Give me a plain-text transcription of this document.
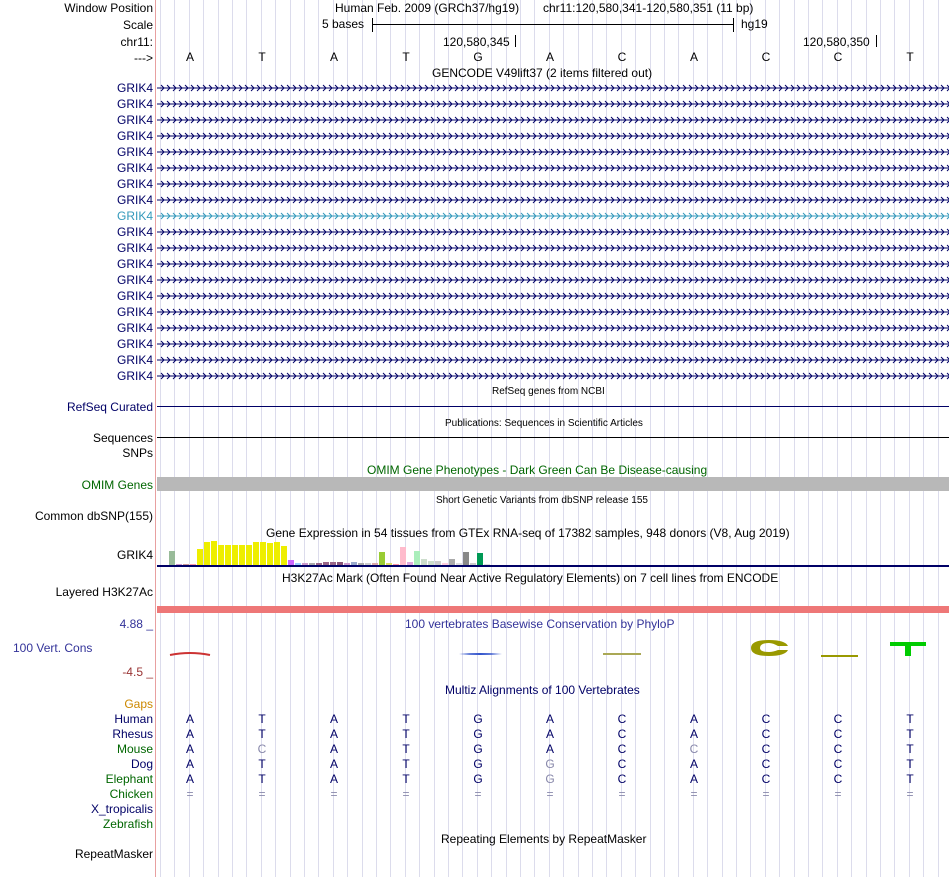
Window Position	Human Feb. 2009 (GRCh37/hg19) chr11:120,580,341-120,580,351 (11 bp)
Scale	5 bases	hg19
chr11:	120,580,345	120,580,350
--->
GENCODE V49lift37 (2 items filtered out)
RefSeq genes from NCBI
RefSeq Curated
Publications: Sequences in Scientific Articles
Sequences
SNPs
OMIM Gene Phenotypes - Dark Green Can Be Disease-causing
OMIM Genes
Short Genetic Variants from dbSNP release 155
Common dbSNP(155)
Gene Expression in 54 tissues from GTEx RNA-seq of 17382 samples, 948 donors (V8, Aug 2019)
GRIK4
H3K27Ac Mark (Often Found Near Active Regulatory Elements) on 7 cell lines from ENCODE
Layered H3K27Ac
100 vertebrates Basewise Conservation by PhyloP
4.88 _
100 Vert. Cons
-4.5 _
Multiz Alignments of 100 Vertebrates
Gaps
Repeating Elements by RepeatMasker
RepeatMasker
A	T	A	T	G	A	C	A	C	C	T
GRIK4
GRIK4
GRIK4
GRIK4
GRIK4
GRIK4
GRIK4
GRIK4
GRIK4
GRIK4
GRIK4
GRIK4
GRIK4
GRIK4
GRIK4
GRIK4
GRIK4
GRIK4
GRIK4
Human	A	T	A	T	G	A	C	A	C	C	T
Rhesus	A	T	A	T	G	A	C	A	C	C	T
Mouse	A	C	A	T	G	A	C	C	C	C	T
Dog	A	T	A	T	G	G	C	A	C	C	T
Elephant	A	T	A	T	G	G	C	A	C	C	T
Chicken	=	=	=	=	=	=	=	=	=	=	=
X_tropicalis
Zebrafish
